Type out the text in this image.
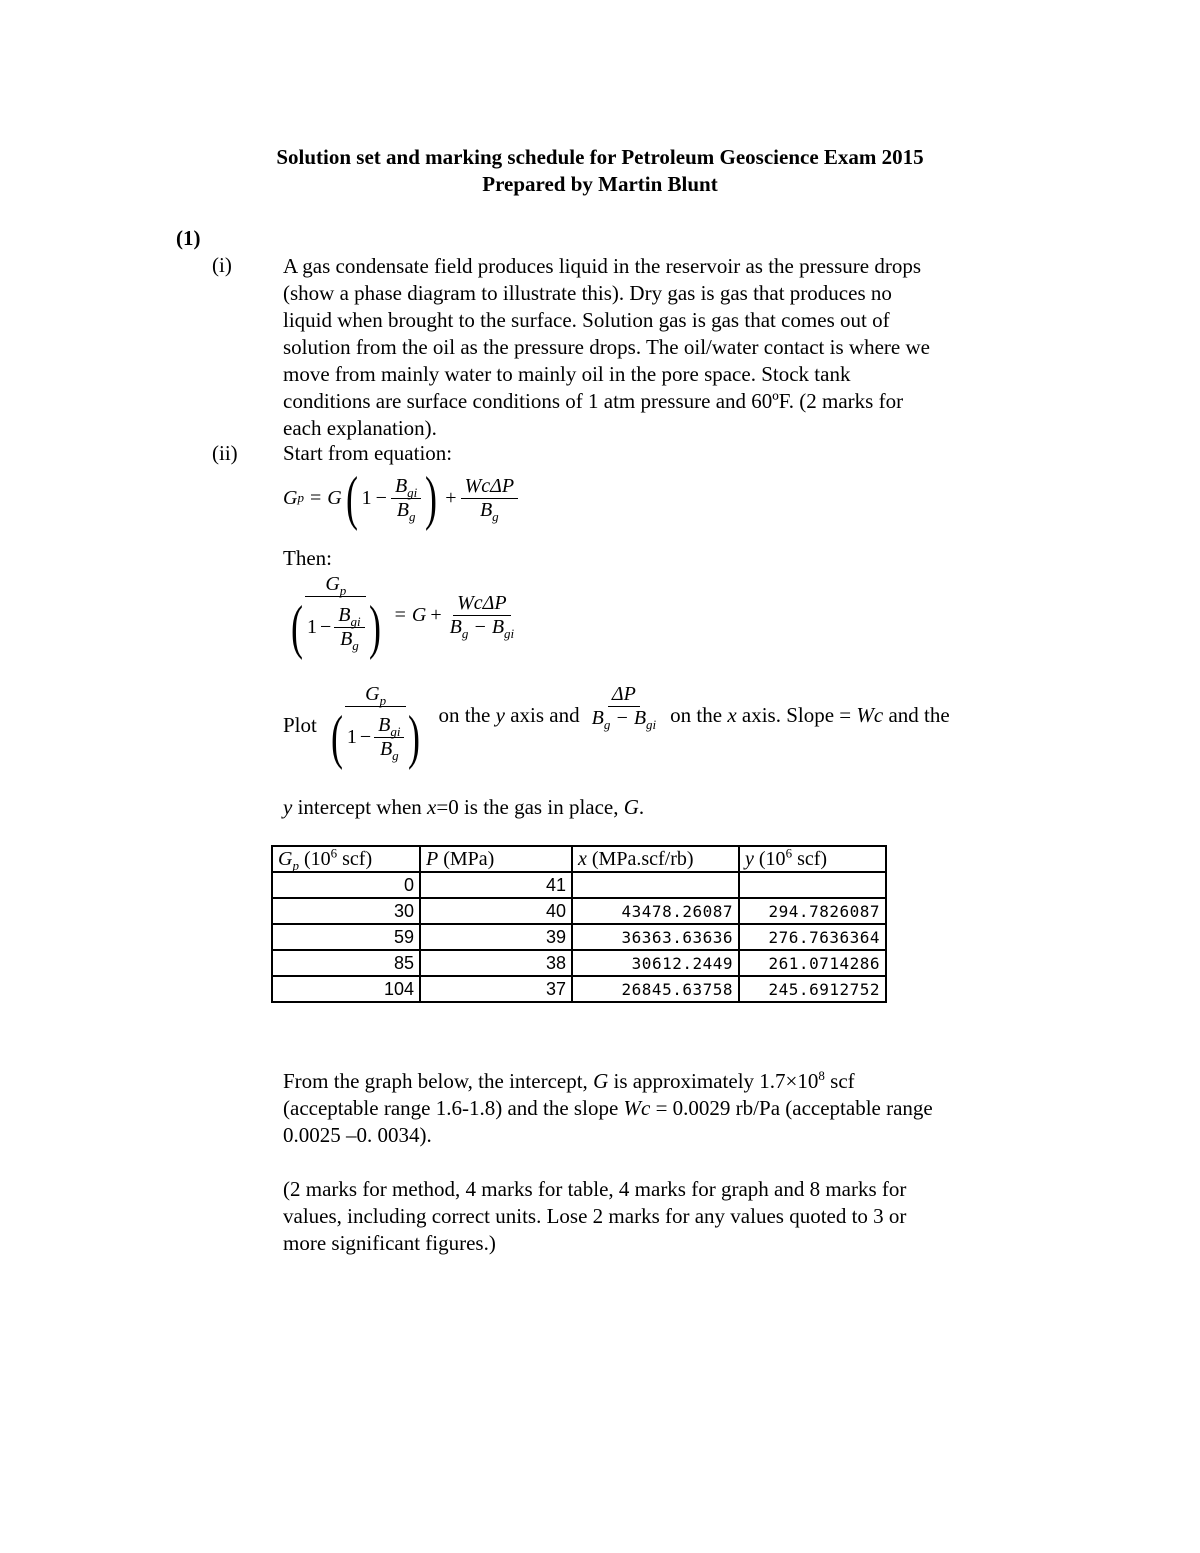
Solution set and marking schedule for Petroleum Geoscience Exam 2015
Prepared by Martin Blunt
(1)
(i) A gas condensate field produces liquid in the reservoir as the pressure drops
(show a phase diagram to illustrate this). Dry gas is gas that produces no
liquid when brought to the surface. Solution gas is gas that comes out of
solution from the oil as the pressure drops. The oil/water contact is where we
move from mainly water to mainly oil in the pore space. Stock tank
conditions are surface conditions of 1 atm pressure and 60ºF. (2 marks for
each explanation).
(ii) Start from equation:
G p = G ( $1 - \frac{B_{gi}}{B_g}$ ) + $\frac{\text{WcΔP}}{B_g}$
Then:
$G_p$
( $1 - \frac{B_{gi}}{B_g}$ ) = $G + \frac{\text{WcΔP}}{B_g - B_{gi}}$
Plot
$G_p$
( $1 - \frac{B_{gi}}{B_g}$ ) on the y axis and $\frac{\Delta P}{B_g - B_{gi}}$ on the x axis. Slope = Wc and the
y intercept when x=0 is the gas in place, G.
$G_p$ ($10^6$ scf)	P (MPa)	x (MPa.scf/rb)	y ($10^6$ scf)
0	41		
30	40	43478.26087	294.7826087
59	39	36363.63636	276.7636364
85	38	30612.2449	261.0714286
104	37	26845.63758	245.6912752
From the graph below, the intercept, G is approximately $1.7\times 10^8$ scf
(acceptable range 1.6-1.8) and the slope Wc = 0.0029 rb/Pa (acceptable range
0.0025 –0. 0034).
(2 marks for method, 4 marks for table, 4 marks for graph and 8 marks for
values, including correct units. Lose 2 marks for any values quoted to 3 or
more significant figures.)
